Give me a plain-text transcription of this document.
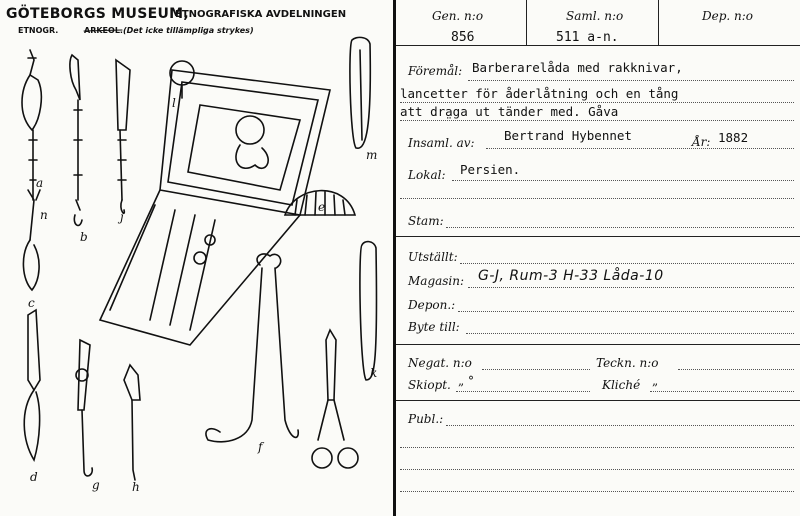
GÖTEBORGS MUSEUM,
ETNOGRAFISKA AVDELNINGEN
ETNOGR.	ARKEOL. (Det icke tillämpliga strykes)
a
b
c
d
e
f
g	h
j
k
l
m
n
Gen. n:o
856
Saml. n:o
511 a-n.
Dep. n:o
Föremål: Barberarelåda med rakknivar,
lancetter för åderlåtning och en tång
att dra̤ga ut tänder med. Gåva
Insaml. av: Bertrand Hybennet	År: 1882
Lokal: Persien.
Stam:
Utställt:
Magasin: G-J, Rum-3 H-33 Låda-10
Depon.:
Byte till:
Negat. n:o	Teckn. n:o
Skiopt. „ °	Kliché „
Publ.:
